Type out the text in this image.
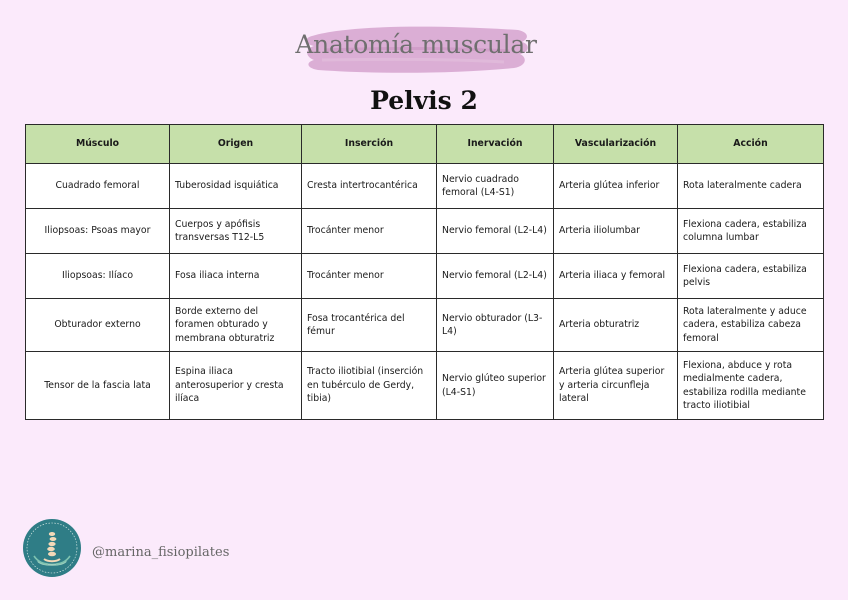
Anatomía muscular
Pelvis 2
Músculo	Origen	Inserción	Inervación	Vascularización	Acción
Cuadrado femoral	Tuberosidad isquiática	Cresta intertrocantérica	Nervio cuadrado femoral (L4-S1)	Arteria glútea inferior	Rota lateralmente cadera
Iliopsoas: Psoas mayor	Cuerpos y apófisis transversas T12-L5	Trocánter menor	Nervio femoral (L2-L4)	Arteria iliolumbar	Flexiona cadera, estabiliza columna lumbar
Iliopsoas: Ilíaco	Fosa iliaca interna	Trocánter menor	Nervio femoral (L2-L4)	Arteria iliaca y femoral	Flexiona cadera, estabiliza pelvis
Obturador externo	Borde externo del foramen obturado y membrana obturatriz	Fosa trocantérica del fémur	Nervio obturador (L3-L4)	Arteria obturatriz	Rota lateralmente y aduce cadera, estabiliza cabeza femoral
Tensor de la fascia lata	Espina iliaca anterosuperior y cresta ilíaca	Tracto iliotibial (inserción en tubérculo de Gerdy, tibia)	Nervio glúteo superior (L4-S1)	Arteria glútea superior y arteria circunfleja lateral	Flexiona, abduce y rota medialmente cadera, estabiliza rodilla mediante tracto iliotibial
@marina_fisiopilates
